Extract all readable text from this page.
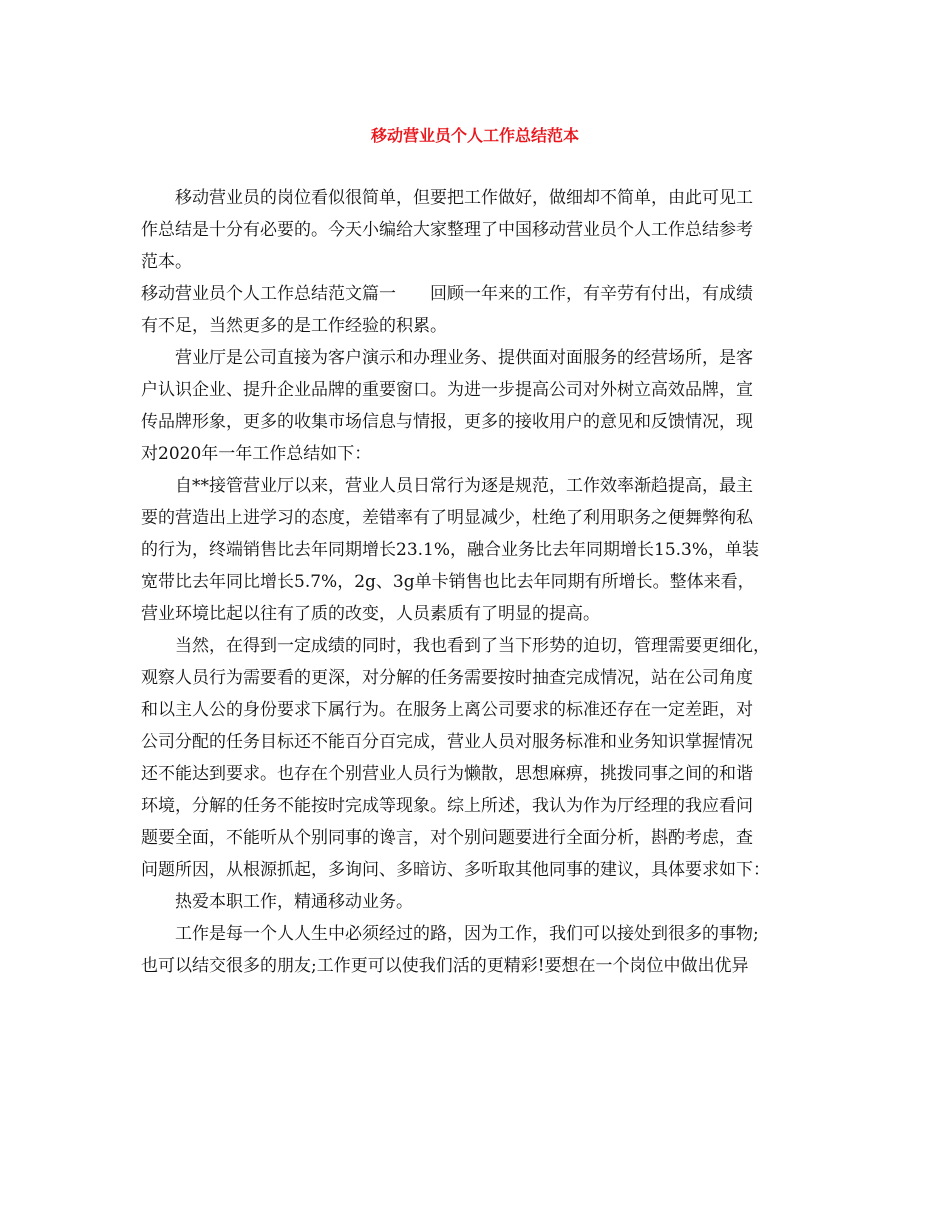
移动营业员个人工作总结范本
移动营业员的岗位看似很简单，但要把工作做好，做细却不简单，由此可见工
作总结是十分有必要的。今天小编给大家整理了中国移动营业员个人工作总结参考
范本。
移动营业员个人工作总结范文篇一　　回顾一年来的工作，有辛劳有付出，有成绩
有不足，当然更多的是工作经验的积累。
营业厅是公司直接为客户演示和办理业务、提供面对面服务的经营场所，是客
户认识企业、提升企业品牌的重要窗口。为进一步提高公司对外树立高效品牌，宣
传品牌形象，更多的收集市场信息与情报，更多的接收用户的意见和反馈情况，现
对2020年一年工作总结如下：
自**接管营业厅以来，营业人员日常行为逐是规范，工作效率渐趋提高，最主
要的营造出上进学习的态度，差错率有了明显减少，杜绝了利用职务之便舞弊徇私
的行为，终端销售比去年同期增长23.1%，融合业务比去年同期增长15.3%，单装
宽带比去年同比增长5.7%，2g、3g单卡销售也比去年同期有所增长。整体来看，
营业环境比起以往有了质的改变，人员素质有了明显的提高。
当然，在得到一定成绩的同时，我也看到了当下形势的迫切，管理需要更细化，
观察人员行为需要看的更深，对分解的任务需要按时抽查完成情况，站在公司角度
和以主人公的身份要求下属行为。在服务上离公司要求的标准还存在一定差距，对
公司分配的任务目标还不能百分百完成，营业人员对服务标准和业务知识掌握情况
还不能达到要求。也存在个别营业人员行为懒散，思想麻痹，挑拨同事之间的和谐
环境，分解的任务不能按时完成等现象。综上所述，我认为作为厅经理的我应看问
题要全面，不能听从个别同事的谗言，对个别问题要进行全面分析，斟酌考虑，查
问题所因，从根源抓起，多询问、多暗访、多听取其他同事的建议，具体要求如下：
热爱本职工作，精通移动业务。
工作是每一个人人生中必须经过的路，因为工作，我们可以接处到很多的事物;
也可以结交很多的朋友;工作更可以使我们活的更精彩!要想在一个岗位中做出优异
